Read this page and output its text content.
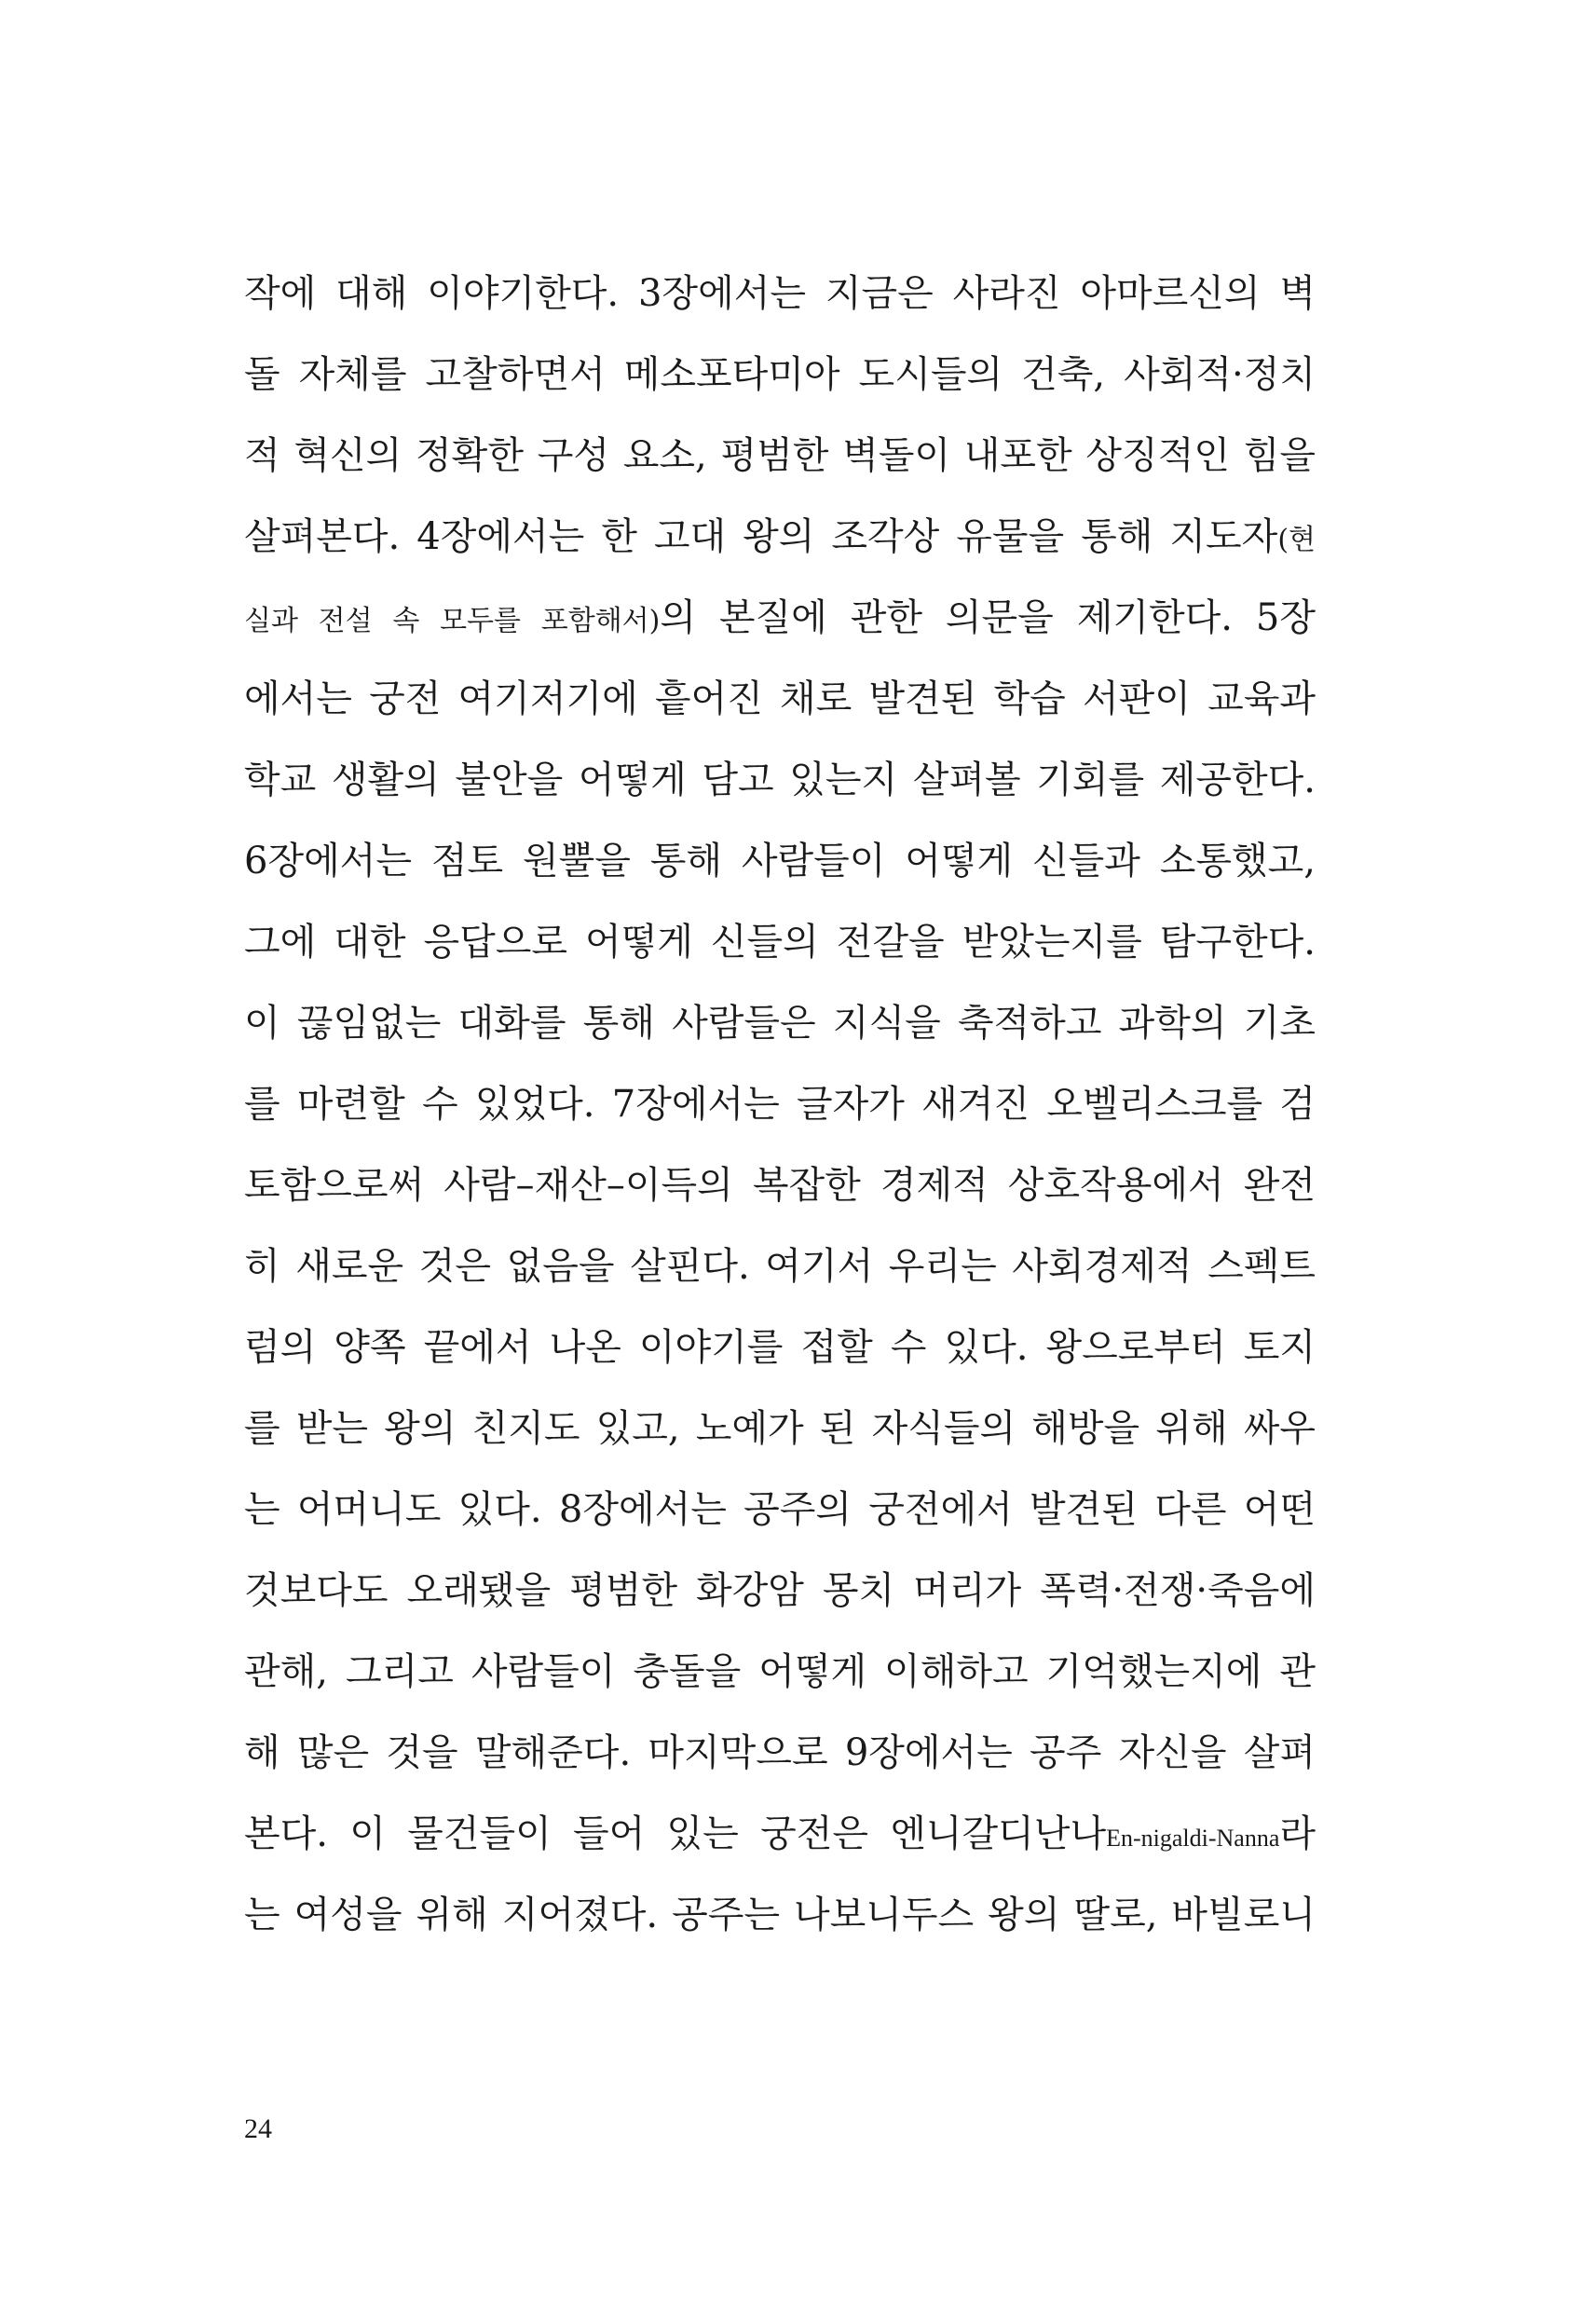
작에 대해 이야기한다. 3장에서는 지금은 사라진 아마르신의 벽
돌 자체를 고찰하면서 메소포타미아 도시들의 건축, 사회적·정치
적 혁신의 정확한 구성 요소, 평범한 벽돌이 내포한 상징적인 힘을
살펴본다. 4장에서는 한 고대 왕의 조각상 유물을 통해 지도자(현
실과 전설 속 모두를 포함해서)의 본질에 관한 의문을 제기한다. 5장
에서는 궁전 여기저기에 흩어진 채로 발견된 학습 서판이 교육과
학교 생활의 불안을 어떻게 담고 있는지 살펴볼 기회를 제공한다.
6장에서는 점토 원뿔을 통해 사람들이 어떻게 신들과 소통했고,
그에 대한 응답으로 어떻게 신들의 전갈을 받았는지를 탐구한다.
이 끊임없는 대화를 통해 사람들은 지식을 축적하고 과학의 기초
를 마련할 수 있었다. 7장에서는 글자가 새겨진 오벨리스크를 검
토함으로써 사람–재산–이득의 복잡한 경제적 상호작용에서 완전
히 새로운 것은 없음을 살핀다. 여기서 우리는 사회경제적 스펙트
럼의 양쪽 끝에서 나온 이야기를 접할 수 있다. 왕으로부터 토지
를 받는 왕의 친지도 있고, 노예가 된 자식들의 해방을 위해 싸우
는 어머니도 있다. 8장에서는 공주의 궁전에서 발견된 다른 어떤
것보다도 오래됐을 평범한 화강암 몽치 머리가 폭력·전쟁·죽음에
관해, 그리고 사람들이 충돌을 어떻게 이해하고 기억했는지에 관
해 많은 것을 말해준다. 마지막으로 9장에서는 공주 자신을 살펴
본다. 이 물건들이 들어 있는 궁전은 엔니갈디난나En-nigaldi-Nanna라
는 여성을 위해 지어졌다. 공주는 나보니두스 왕의 딸로, 바빌로니
24
